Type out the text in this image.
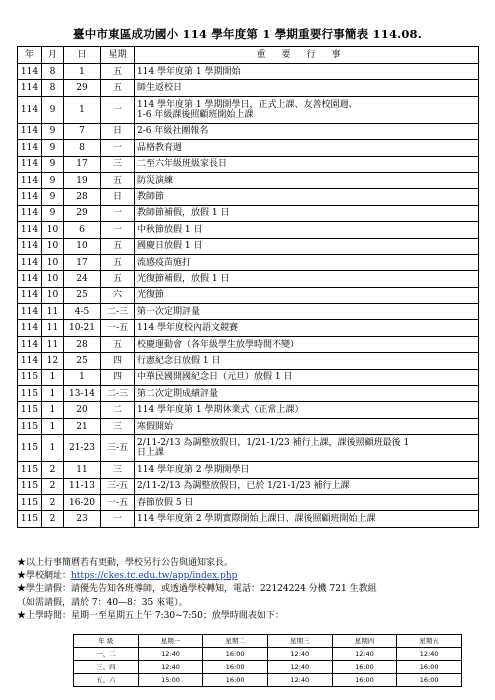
臺中市東區成功國小 114 學年度第 1 學期重要行事簡表 114.08.
年	月	日	星期	重要行事
114	8	1	五	114 學年度第 1 學期開始

114	8	29	五	師生返校日

114	9	1	一	114 學年度第 1 學期開學日，正式上課、友善校園週、
1-6 年級課後照顧班開始上課

114	9	7	日	2-6 年級社團報名

114	9	8	一	品格教育週

114	9	17	三	二至六年級班級家長日

114	9	19	五	防災演練

114	9	28	日	教師節

114	9	29	一	教師節補假，放假 1 日

114	10	6	一	中秋節放假 1 日

114	10	10	五	國慶日放假 1 日

114	10	17	五	流感疫苗施打

114	10	24	五	光復節補假，放假 1 日

114	10	25	六	光復節

114	11	4-5	二-三	第一次定期評量

114	11	10-21	一-五	114 學年度校內語文競賽

114	11	28	五	校慶運動會（各年級學生放學時間不變）

114	12	25	四	行憲紀念日放假 1 日

115	1	1	四	中華民國開國紀念日（元旦）放假 1 日

115	1	13-14	二-三	第二次定期成績評量

115	1	20	二	114 學年度第 1 學期休業式（正常上課）

115	1	21	三	寒假開始

115	1	21-23	三-五	2/11-2/13 為調整放假日，1/21-1/23 補行上課，課後照顧班最後 1
日上課

115	2	11	三	114 學年度第 2 學期開學日

115	2	11-13	三-五	2/11-2/13 為調整放假日，已於 1/21-1/23 補行上課

115	2	16-20	一-五	春節放假 5 日

115	2	23	一	114 學年度第 2 學期實際開始上課日、課後照顧班開始上課

★以上行事簡曆若有更動，學校另行公告與通知家長。

★學校網址：https://ckes.tc.edu.tw/app/index.php

★學生請假：請優先告知各班導師，或透過學校轉知，電話：22124224 分機 721 生教組

（如需請假，請於 7：40—8：35 來電）。

★上學時間：星期一至星期五上午 7:30~7:50；放學時間表如下：

年 級	星期一	星期二	星期三	星期四	星期五
一、二	12:40	16:00	12:40	12:40	12:40
三、四	12:40	16:00	12:40	16:00	16:00
五、六	15:00	16:00	12:40	16:00	16:00
